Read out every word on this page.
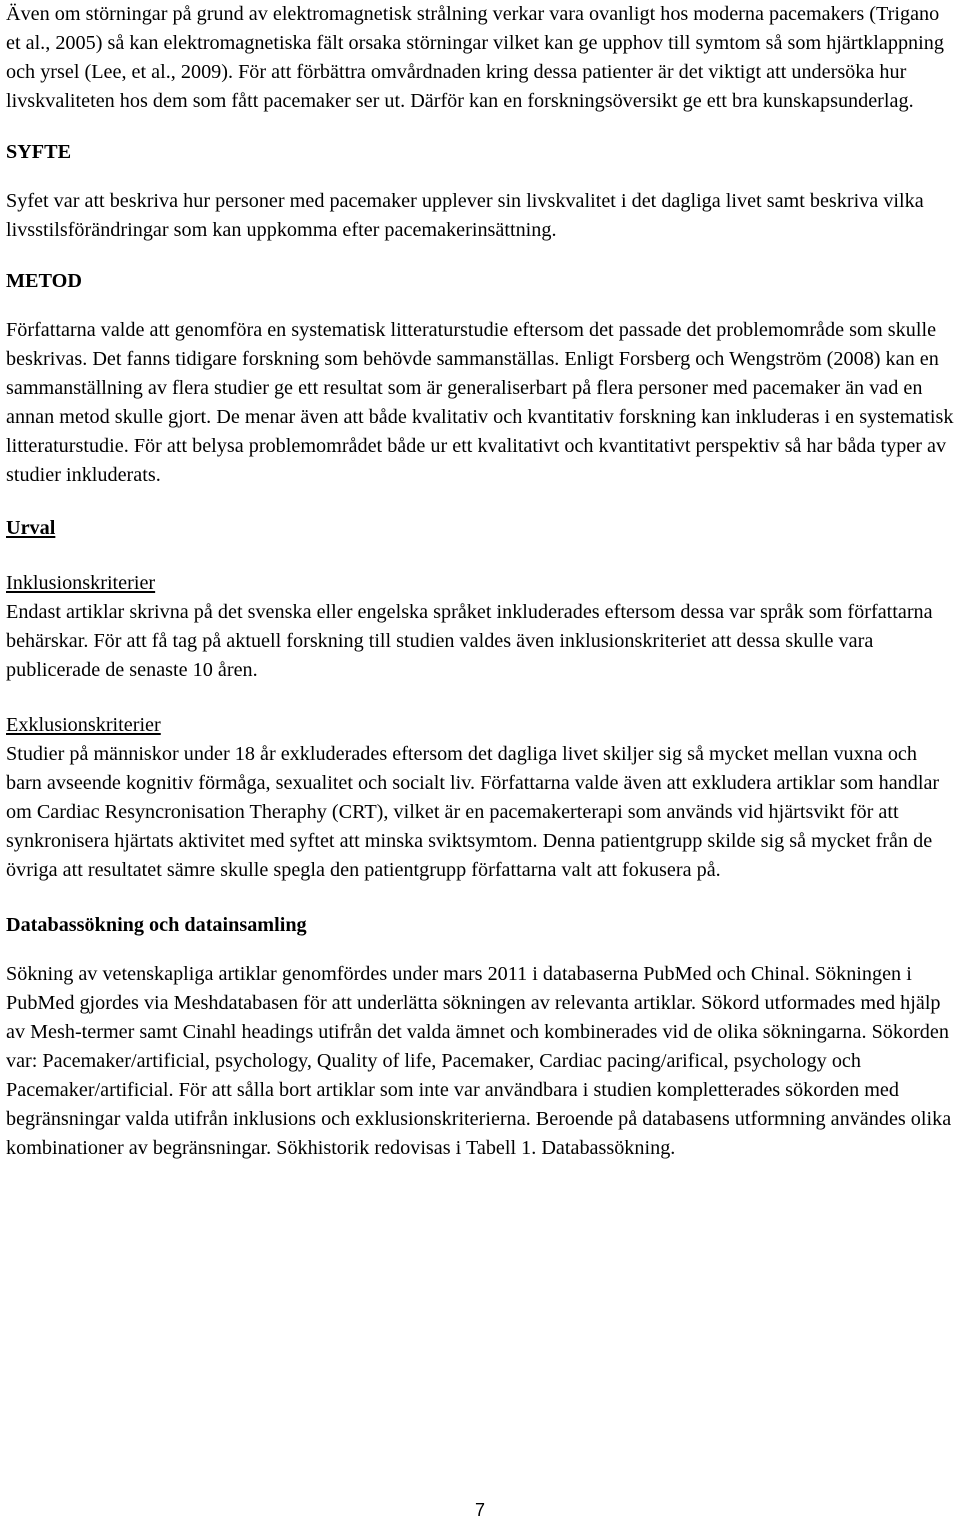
Även om störningar på grund av elektromagnetisk strålning verkar vara ovanligt hos moderna pacemakers (Trigano et al., 2005) så kan elektromagnetiska fält orsaka störningar vilket kan ge upphov till symtom så som hjärtklappning och yrsel (Lee, et al., 2009). För att förbättra omvårdnaden kring dessa patienter är det viktigt att undersöka hur livskvaliteten hos dem som fått pacemaker ser ut. Därför kan en forskningsöversikt ge ett bra kunskapsunderlag.

SYFTE

Syfet var att beskriva hur personer med pacemaker upplever sin livskvalitet i det dagliga livet samt beskriva vilka livsstilsförändringar som kan uppkomma efter pacemakerinsättning.

METOD

Författarna valde att genomföra en systematisk litteraturstudie eftersom det passade det problemområde som skulle beskrivas. Det fanns tidigare forskning som behövde sammanställas. Enligt Forsberg och Wengström (2008) kan en sammanställning av flera studier ge ett resultat som är generaliserbart på flera personer med pacemaker än vad en annan metod skulle gjort. De menar även att både kvalitativ och kvantitativ forskning kan inkluderas i en systematisk litteraturstudie. För att belysa problemområdet både ur ett kvalitativt och kvantitativt perspektiv så har båda typer av studier inkluderats.

Urval

Inklusionskriterier

Endast artiklar skrivna på det svenska eller engelska språket inkluderades eftersom dessa var språk som författarna behärskar. För att få tag på aktuell forskning till studien valdes även inklusionskriteriet att dessa skulle vara publicerade de senaste 10 åren.

Exklusionskriterier

Studier på människor under 18 år exkluderades eftersom det dagliga livet skiljer sig så mycket mellan vuxna och barn avseende kognitiv förmåga, sexualitet och socialt liv. Författarna valde även att exkludera artiklar som handlar om Cardiac Resyncronisation Theraphy (CRT), vilket är en pacemakerterapi som används vid hjärtsvikt för att synkronisera hjärtats aktivitet med syftet att minska sviktsymtom. Denna patientgrupp skilde sig så mycket från de övriga att resultatet sämre skulle spegla den patientgrupp författarna valt att fokusera på.

Databassökning och datainsamling

Sökning av vetenskapliga artiklar genomfördes under mars 2011 i databaserna PubMed och Chinal. Sökningen i PubMed gjordes via Meshdatabasen för att underlätta sökningen av relevanta artiklar. Sökord utformades med hjälp av Mesh-termer samt Cinahl headings utifrån det valda ämnet och kombinerades vid de olika sökningarna. Sökorden var: Pacemaker/artificial, psychology, Quality of life, Pacemaker, Cardiac pacing/arifical, psychology och Pacemaker/artificial. För att sålla bort artiklar som inte var användbara i studien kompletterades sökorden med begränsningar valda utifrån inklusions och exklusionskriterierna. Beroende på databasens utformning användes olika kombinationer av begränsningar. Sökhistorik redovisas i Tabell 1. Databassökning.

7
